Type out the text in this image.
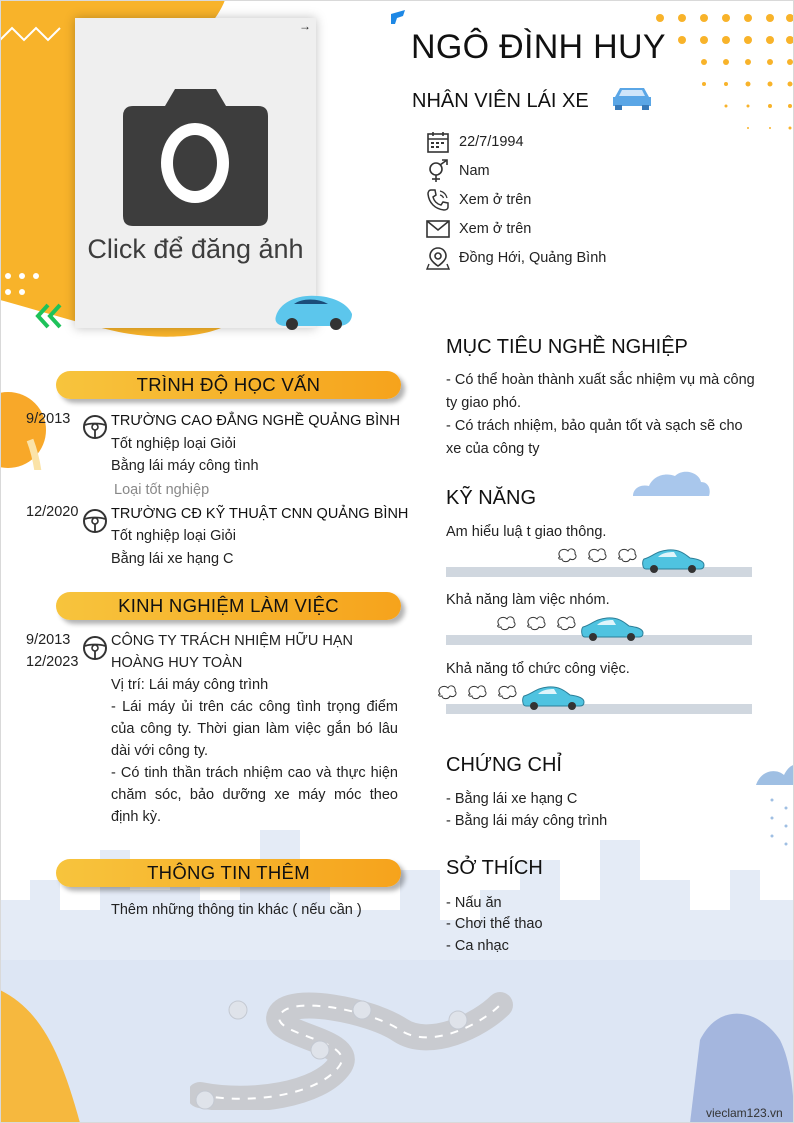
Click để đăng ảnh
→
NGÔ ĐÌNH HUY
NHÂN VIÊN LÁI XE
22/7/1994
Nam
Xem ở trên
Xem ở trên
Đồng Hới, Quảng Bình
TRÌNH ĐỘ HỌC VẤN
9/2013	TRƯỜNG CAO ĐẲNG NGHỀ QUẢNG BÌNH
Tốt nghiệp loại Giỏi
Bằng lái máy công tình
Loại tốt nghiệp
12/2020 TRƯỜNG CĐ KỸ THUẬT CNN QUẢNG BÌNH
Tốt nghiệp loại Giỏi
Bằng lái xe hạng C
KINH NGHIỆM LÀM VIỆC
9/2013
12/2023
CÔNG TY TRÁCH NHIỆM HỮU HẠN HOÀNG HUY TOÀN
Vị trí: Lái máy công trình
- Lái máy ủi trên các công tình trọng điểm của công ty. Thời gian làm việc gắn bó lâu dài với công ty.
- Có tinh thần trách nhiệm cao và thực hiện chăm sóc, bảo dưỡng xe máy móc theo định kỳ.
THÔNG TIN THÊM
Thêm những thông tin khác ( nếu cần )
MỤC TIÊU NGHỀ NGHIỆP
- Có thể hoàn thành xuất sắc nhiệm vụ mà công ty giao phó.
- Có trách nhiệm, bảo quản tốt và sạch sẽ cho xe của công ty
KỸ NĂNG
Am hiểu luậ t giao thông.
Khả năng làm việc nhóm.
Khả năng tổ chức công việc.
CHỨNG CHỈ
- Bằng lái xe hạng C
- Bằng lái máy công trình
SỞ THÍCH
- Nấu ăn
- Chơi thể thao
- Ca nhạc
vieclam123.vn
